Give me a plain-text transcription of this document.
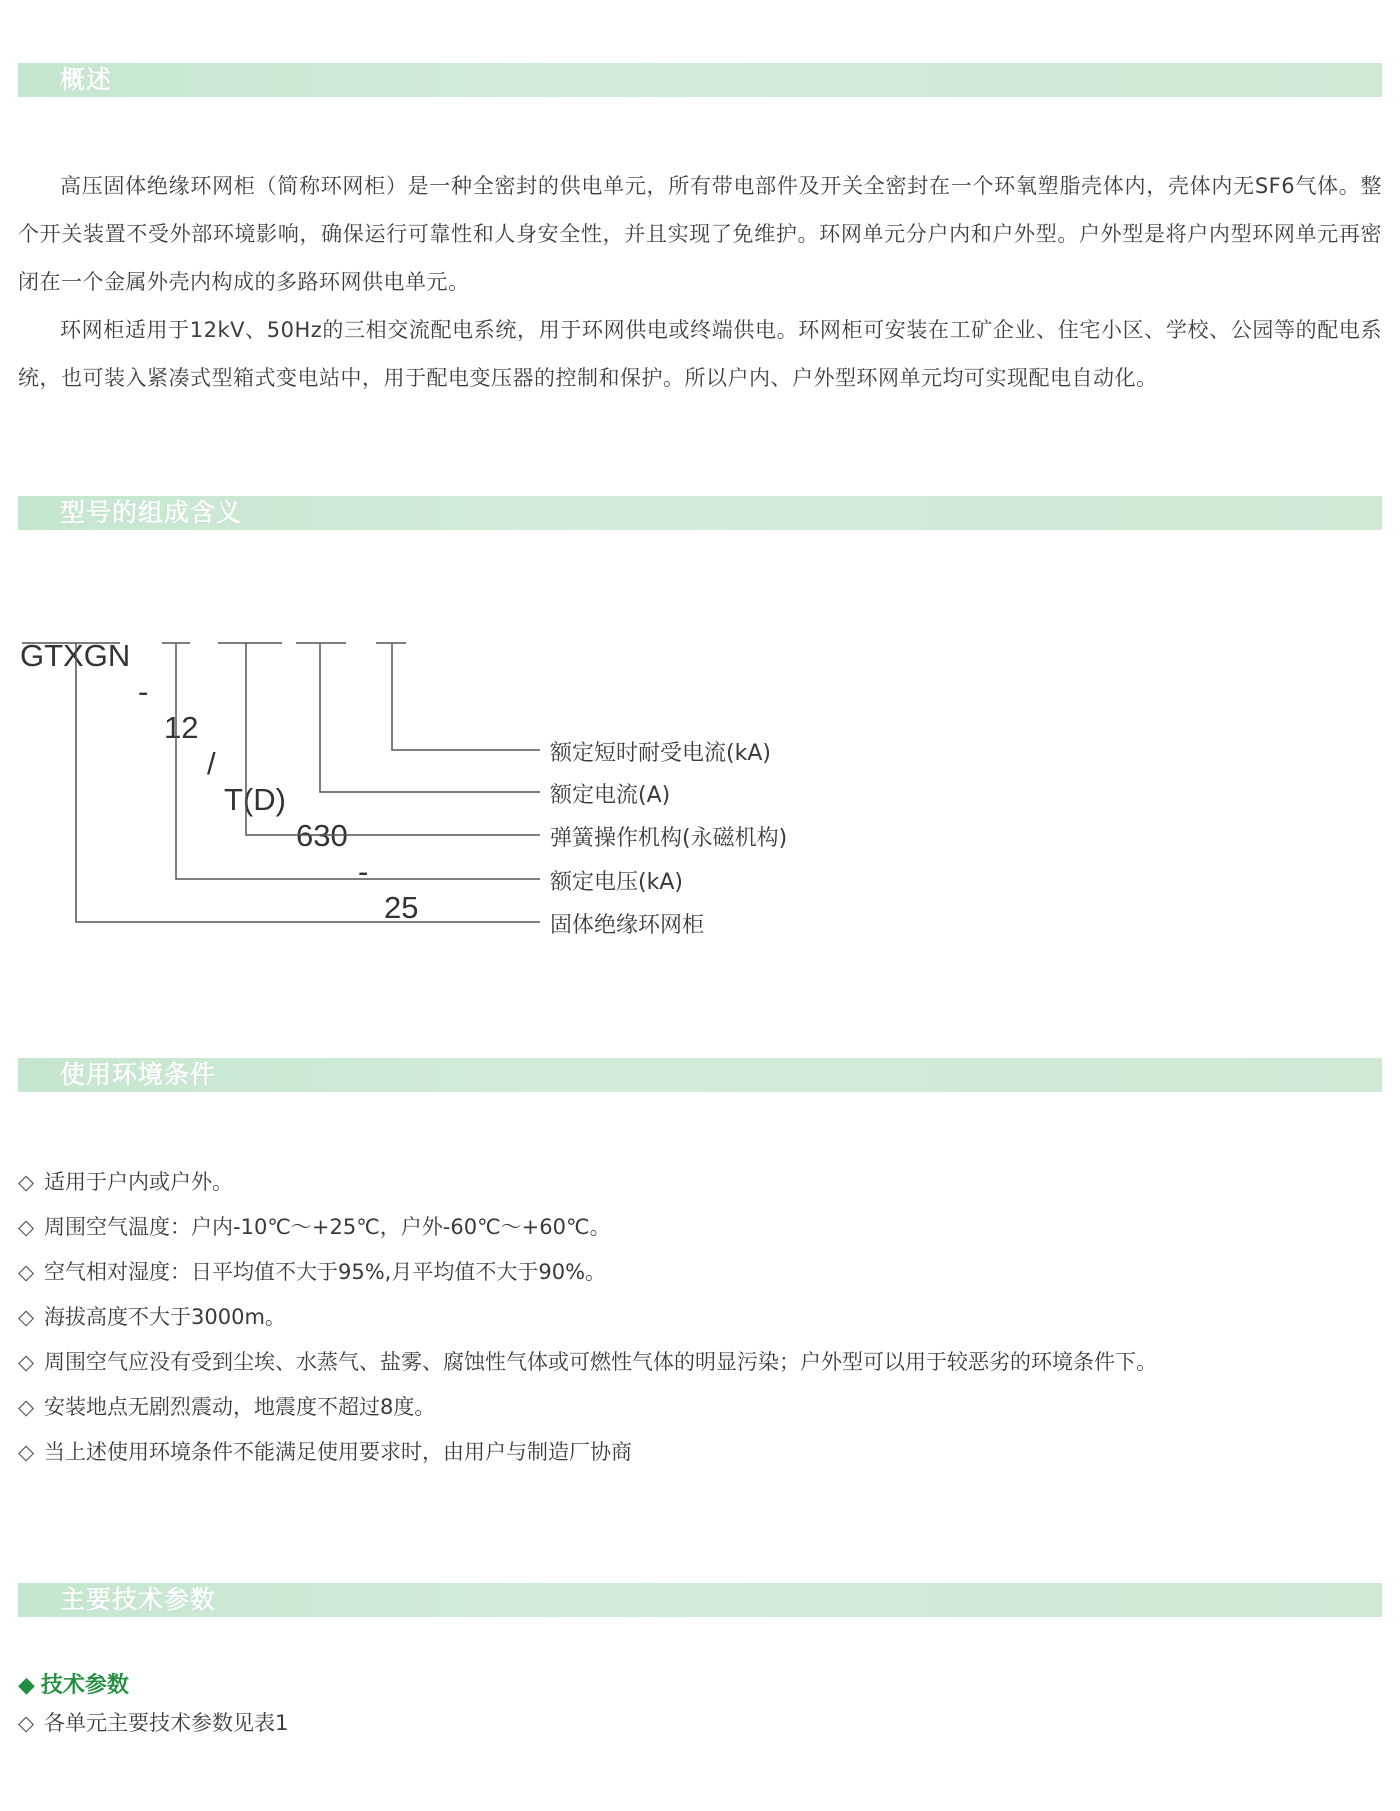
概述

高压固体绝缘环网柜（简称环网柜）是一种全密封的供电单元，所有带电部件及开关全密封在一个环氧塑脂壳体内，壳体内无SF6气体。整个开关装置不受外部环境影响，确保运行可靠性和人身安全性，并且实现了免维护。环网单元分户内和户外型。户外型是将户内型环网单元再密闭在一个金属外壳内构成的多路环网供电单元。

环网柜适用于12kV、50Hz的三相交流配电系统，用于环网供电或终端供电。环网柜可安装在工矿企业、住宅小区、学校、公园等的配电系统，也可装入紧凑式型箱式变电站中，用于配电变压器的控制和保护。所以户内、户外型环网单元均可实现配电自动化。

型号的组成含义

GTXGN

-

12

/

T(D)

630

-

25

额定短时耐受电流(kA)
额定电流(A)
弹簧操作机构(永磁机构)
额定电压(kA)
固体绝缘环网柜
使用环境条件
◇ 适用于户内或户外。
◇ 周围空气温度：户内-10℃～+25℃，户外-60℃～+60℃。
◇ 空气相对湿度：日平均值不大于95%,月平均值不大于90%。
◇ 海拔高度不大于3000m。
◇ 周围空气应没有受到尘埃、水蒸气、盐雾、腐蚀性气体或可燃性气体的明显污染；户外型可以用于较恶劣的环境条件下。
◇ 安装地点无剧烈震动，地震度不超过8度。
◇ 当上述使用环境条件不能满足使用要求时，由用户与制造厂协商
主要技术参数
◆ 技术参数
◇ 各单元主要技术参数见表1
